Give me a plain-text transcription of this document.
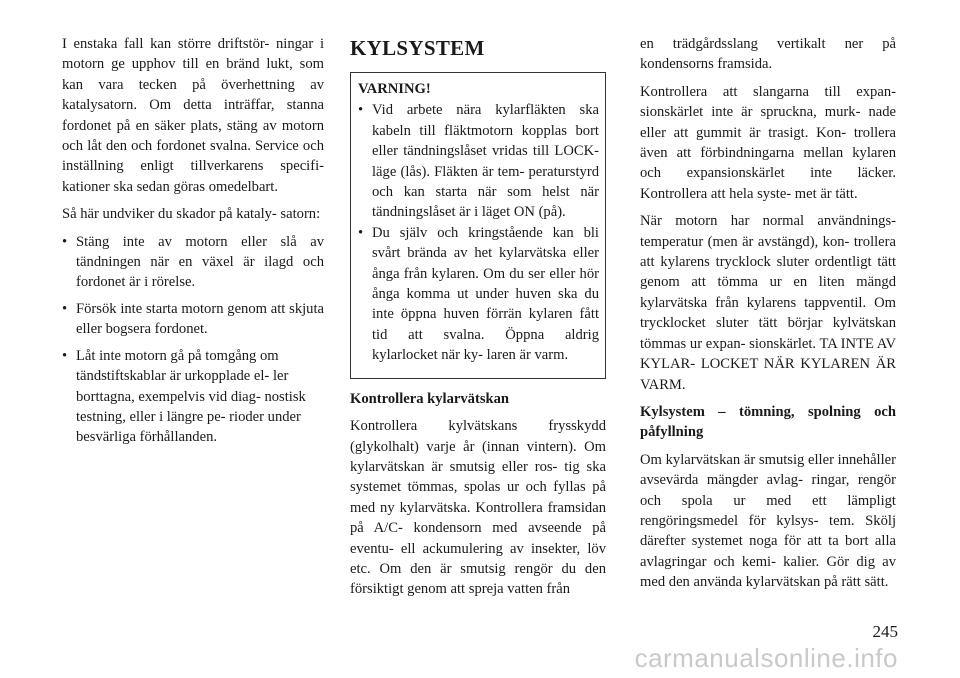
I enstaka fall kan större driftstör- ningar i motorn ge upphov till en bränd lukt, som kan vara tecken på överhettning av katalysatorn. Om detta inträffar, stanna fordonet på en säker plats, stäng av motorn och låt den och fordonet svalna. Service och inställning enligt tillverkarens specifi- kationer ska sedan göras omedelbart.

Så här undviker du skador på kataly- satorn:

• Stäng inte av motorn eller slå av tändningen när en växel är ilagd och fordonet är i rörelse.
• Försök inte starta motorn genom att skjuta eller bogsera fordonet.
• Låt inte motorn gå på tomgång om tändstiftskablar är urkopplade el- ler borttagna, exempelvis vid diag- nostisk testning, eller i längre pe- rioder under besvärliga förhållanden.
KYLSYSTEM
VARNING!
• Vid arbete nära kylarfläkten ska kabeln till fläktmotorn kopplas bort eller tändningslåset vridas till LOCK-läge (lås). Fläkten är tem- peraturstyrd och kan starta när som helst när tändningslåset är i läget ON (på).
• Du själv och kringstående kan bli svårt brända av het kylarvätska eller ånga från kylaren. Om du ser eller hör ånga komma ut under huven ska du inte öppna huven förrän kylaren fått tid att svalna. Öppna aldrig kylarlocket när ky- laren är varm.

Kontrollera kylarvätskan

Kontrollera kylvätskans frysskydd (glykolhalt) varje år (innan vintern). Om kylarvätskan är smutsig eller ros- tig ska systemet tömmas, spolas ur och fyllas på med ny kylarvätska. Kontrollera framsidan på A/C- kondensorn med avseende på eventu- ell ackumulering av insekter, löv etc. Om den är smutsig rengör du den försiktigt genom att spreja vatten från

en trädgårdsslang vertikalt ner på kondensorns framsida.

Kontrollera att slangarna till expan- sionskärlet inte är spruckna, murk- nade eller att gummit är trasigt. Kon- trollera även att förbindningarna mellan kylaren och expansionskärlet inte läcker. Kontrollera att hela syste- met är tätt.

När motorn har normal användnings- temperatur (men är avstängd), kon- trollera att kylarens trycklock sluter ordentligt tätt genom att tömma ur en liten mängd kylarvätska från kylarens tappventil. Om trycklocket sluter tätt börjar kylvätskan tömmas ur expan- sionskärlet. TA INTE AV KYLAR- LOCKET NÄR KYLAREN ÄR VARM.

Kylsystem – tömning, spolning och påfyllning

Om kylarvätskan är smutsig eller innehåller avsevärda mängder avlag- ringar, rengör och spola ur med ett lämpligt rengöringsmedel för kylsys- tem. Skölj därefter systemet noga för att ta bort alla avlagringar och kemi- kalier. Gör dig av med den använda kylarvätskan på rätt sätt.

245
carmanualsonline.info
